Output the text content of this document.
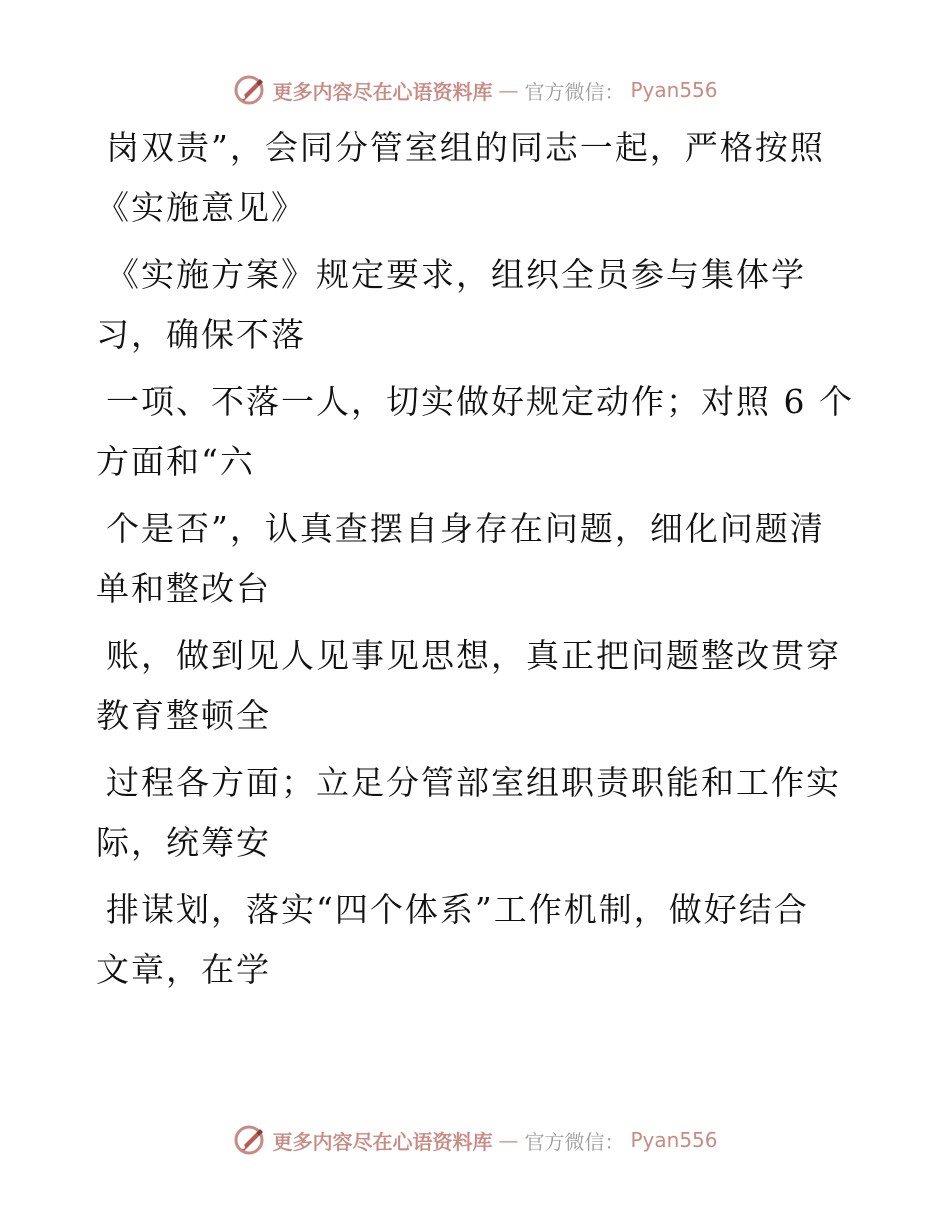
更多内容尽在心语资料库 — 官方微信： Pyan556
岗双责”，会同分管室组的同志一起，严格按照
《实施意见》
《实施方案》规定要求，组织全员参与集体学
习，确保不落
一项、不落一人，切实做好规定动作；对照 6 个
方面和“六
个是否”，认真查摆自身存在问题，细化问题清
单和整改台
账，做到见人见事见思想，真正把问题整改贯穿
教育整顿全
过程各方面；立足分管部室组职责职能和工作实
际，统筹安
排谋划，落实“四个体系”工作机制，做好结合
文章，在学
更多内容尽在心语资料库 — 官方微信： Pyan556
